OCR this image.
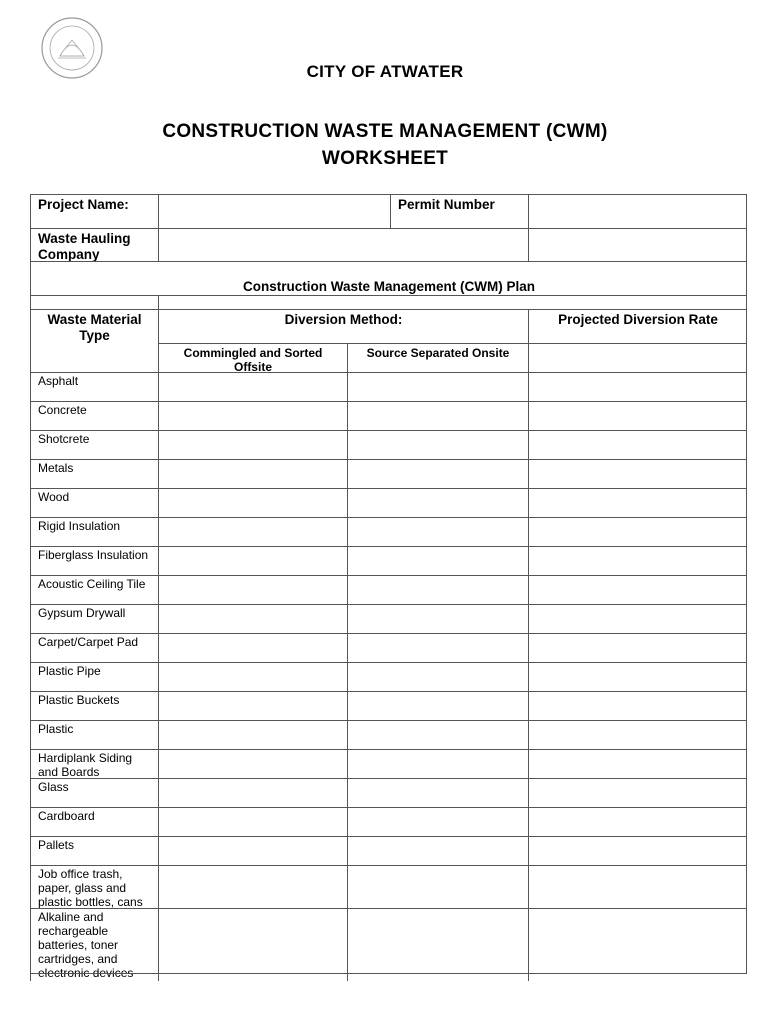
CITY OF ATWATER
CONSTRUCTION WASTE MANAGEMENT (CWM)
WORKSHEET
Project Name:	Permit Number
Waste Hauling
Company
Construction Waste Management (CWM) Plan
Waste Material
Type
Diversion Method:	Projected Diversion Rate
Commingled and Sorted
Offsite
Source Separated Onsite
Asphalt
Concrete
Shotcrete
Metals
Wood
Rigid Insulation
Fiberglass Insulation
Acoustic Ceiling Tile
Gypsum Drywall
Carpet/Carpet Pad
Plastic Pipe
Plastic Buckets
Plastic
Hardiplank Siding
and Boards
Glass
Cardboard
Pallets
Job office trash,
paper, glass and
plastic bottles, cans
Alkaline and
rechargeable
batteries, toner
cartridges, and
electronic devices
